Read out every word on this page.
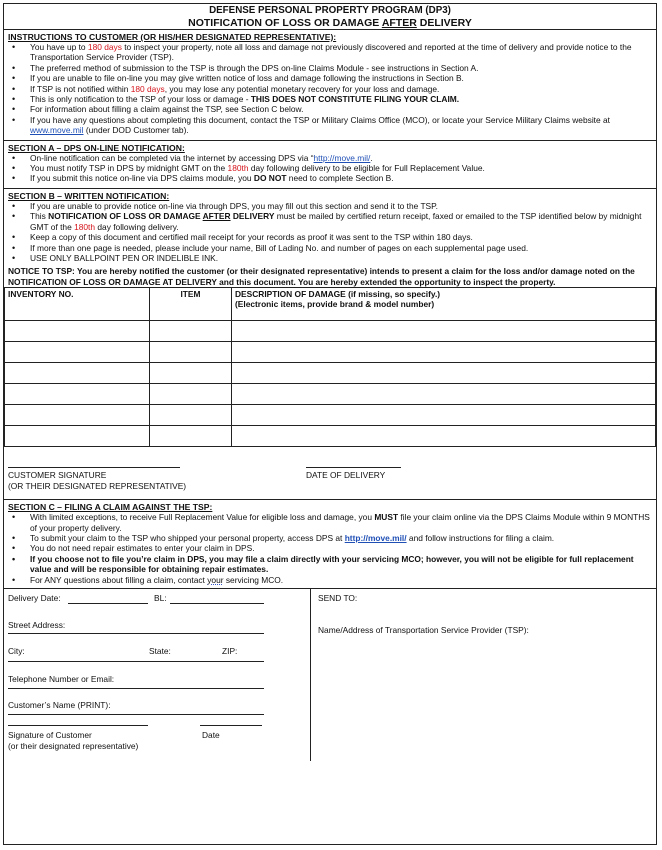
DEFENSE PERSONAL PROPERTY PROGRAM (DP3)
NOTIFICATION OF LOSS OR DAMAGE AFTER DELIVERY
INSTRUCTIONS TO CUSTOMER (OR HIS/HER DESIGNATED REPRESENTATIVE):
• You have up to 180 days to inspect your property, note all loss and damage not previously discovered and reported at the time of delivery and provide notice to the Transportation Service Provider (TSP).
• The preferred method of submission to the TSP is through the DPS on-line Claims Module - see instructions in Section A.
• If you are unable to file on-line you may give written notice of loss and damage following the instructions in Section B.
• If TSP is not notified within 180 days, you may lose any potential monetary recovery for your loss and damage.
• This is only notification to the TSP of your loss or damage - THIS DOES NOT CONSTITUTE FILING YOUR CLAIM.
• For information about filling a claim against the TSP, see Section C below.
• If you have any questions about completing this document, contact the TSP or Military Claims Office (MCO), or locate your Service Military Claims website at www.move.mil (under DOD Customer tab).
SECTION A – DPS ON-LINE NOTIFICATION:
• On-line notification can be completed via the internet by accessing DPS via “http://move.mil/.
• You must notify TSP in DPS by midnight GMT on the 180th day following delivery to be eligible for Full Replacement Value.
• If you submit this notice on-line via DPS claims module, you DO NOT need to complete Section B.
SECTION B – WRITTEN NOTIFICATION:
• If you are unable to provide notice on-line via through DPS, you may fill out this section and send it to the TSP.
• This NOTIFICATION OF LOSS OR DAMAGE AFTER DELIVERY must be mailed by certified return receipt, faxed or emailed to the TSP identified below by midnight GMT of the 180th day following delivery.
• Keep a copy of this document and certified mail receipt for your records as proof it was sent to the TSP within 180 days.
• If more than one page is needed, please include your name, Bill of Lading No. and number of pages on each supplemental page used.
• USE ONLY BALLPOINT PEN OR INDELIBLE INK.
NOTICE TO TSP: You are hereby notified the customer (or their designated representative) intends to present a claim for the loss and/or damage noted on the NOTIFICATION OF LOSS OR DAMAGE AT DELIVERY and this document. You are hereby extended the opportunity to inspect the property.
INVENTORY NO.	ITEM	DESCRIPTION OF DAMAGE (if missing, so specify.)
(Electronic items, provide brand & model number)

CUSTOMER SIGNATURE
(OR THEIR DESIGNATED REPRESENTATIVE)
DATE OF DELIVERY
SECTION C – FILING A CLAIM AGAINST THE TSP:
• With limited exceptions, to receive Full Replacement Value for eligible loss and damage, you MUST file your claim online via the DPS Claims Module within 9 MONTHS of your property delivery.
• To submit your claim to the TSP who shipped your personal property, access DPS at http://move.mil/ and follow instructions for filing a claim.
• You do not need repair estimates to enter your claim in DPS.
• If you choose not to file you’re claim in DPS, you may file a claim directly with your servicing MCO; however, you will not be eligible for full replacement value and will be responsible for obtaining repair estimates.
• For ANY questions about filling a claim, contact your servicing MCO.
Delivery Date:	BL:
Street Address:
City:	State:	ZIP:
Telephone Number or Email:
Customer’s Name (PRINT):
Signature of Customer
(or their designated representative)
Date
SEND TO:
Name/Address of Transportation Service Provider (TSP):
